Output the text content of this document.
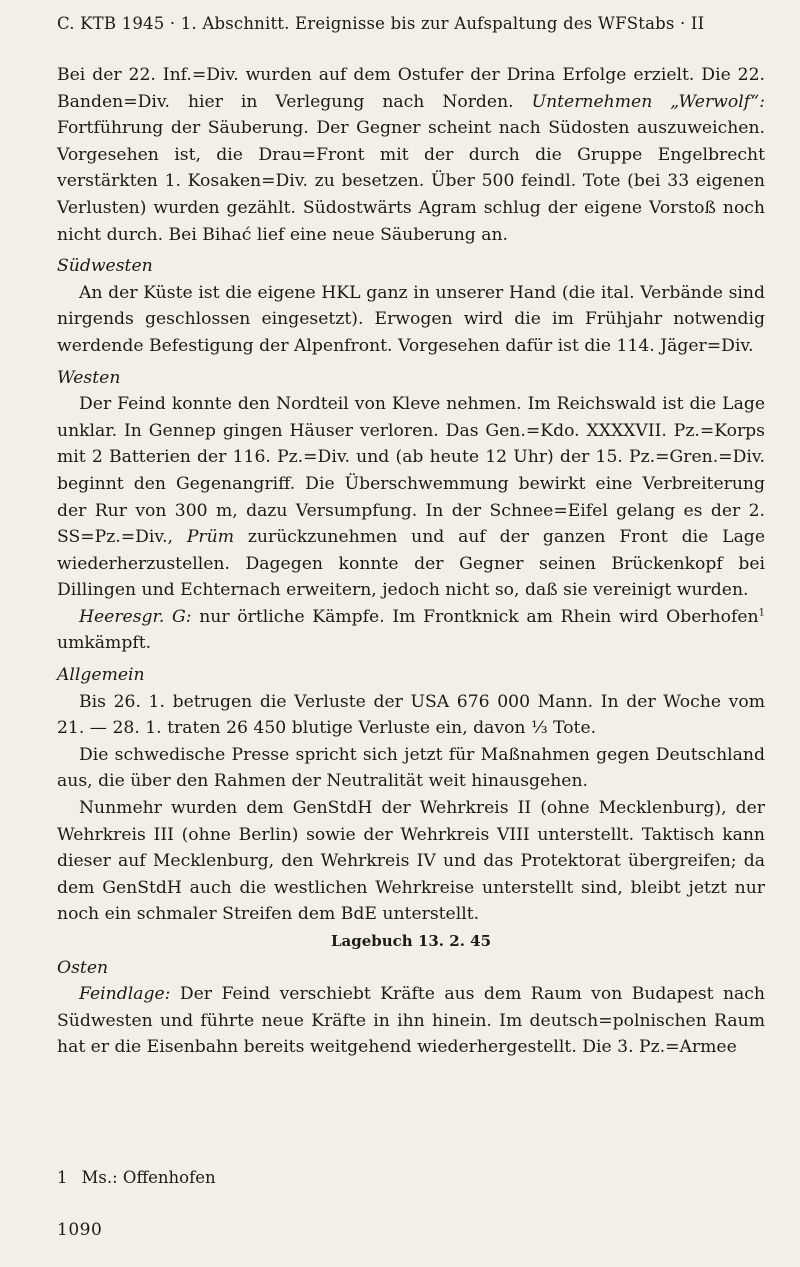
C. KTB 1945 · 1. Abschnitt. Ereignisse bis zur Aufspaltung des WFStabs · II

Bei der 22. Inf.=Div. wurden auf dem Ostufer der Drina Erfolge erzielt. Die 22. Banden=Div. hier in Verlegung nach Norden. Unternehmen „Werwolf“: Fortführung der Säuberung. Der Gegner scheint nach Südosten auszuweichen. Vorgesehen ist, die Drau=Front mit der durch die Gruppe Engelbrecht verstärkten 1. Kosaken=Div. zu besetzen. Über 500 feindl. Tote (bei 33 eigenen Verlusten) wurden gezählt. Südostwärts Agram schlug der eigene Vorstoß noch nicht durch. Bei Bihać lief eine neue Säuberung an.

Südwesten

An der Küste ist die eigene HKL ganz in unserer Hand (die ital. Verbände sind nirgends geschlossen eingesetzt). Erwogen wird die im Frühjahr notwendig werdende Befestigung der Alpenfront. Vorgesehen dafür ist die 114. Jäger=Div.

Westen

Der Feind konnte den Nordteil von Kleve nehmen. Im Reichswald ist die Lage unklar. In Gennep gingen Häuser verloren. Das Gen.=Kdo. XXXXVII. Pz.=Korps mit 2 Batterien der 116. Pz.=Div. und (ab heute 12 Uhr) der 15. Pz.=Gren.=Div. beginnt den Gegenangriff. Die Überschwemmung bewirkt eine Verbreiterung der Rur von 300 m, dazu Versumpfung. In der Schnee=Eifel gelang es der 2. SS=Pz.=Div., Prüm zurückzunehmen und auf der ganzen Front die Lage wiederherzustellen. Dagegen konnte der Gegner seinen Brückenkopf bei Dillingen und Echternach erweitern, jedoch nicht so, daß sie vereinigt wurden.

Heeresgr. G: nur örtliche Kämpfe. Im Frontknick am Rhein wird Oberhofen$^1$ umkämpft.

Allgemein

Bis 26. 1. betrugen die Verluste der USA 676 000 Mann. In der Woche vom 21. — 28. 1. traten 26 450 blutige Verluste ein, davon ⅓ Tote.

Die schwedische Presse spricht sich jetzt für Maßnahmen gegen Deutschland aus, die über den Rahmen der Neutralität weit hinausgehen.

Nunmehr wurden dem GenStdH der Wehrkreis II (ohne Mecklenburg), der Wehrkreis III (ohne Berlin) sowie der Wehrkreis VIII unterstellt. Taktisch kann dieser auf Mecklenburg, den Wehrkreis IV und das Protektorat übergreifen; da dem GenStdH auch die westlichen Wehrkreise unterstellt sind, bleibt jetzt nur noch ein schmaler Streifen dem BdE unterstellt.

Lagebuch 13. 2. 45

Osten

Feindlage: Der Feind verschiebt Kräfte aus dem Raum von Budapest nach Südwesten und führte neue Kräfte in ihn hinein. Im deutsch=polnischen Raum hat er die Eisenbahn bereits weitgehend wiederhergestellt. Die 3. Pz.=Armee

1 Ms.: Offenhofen
1090
